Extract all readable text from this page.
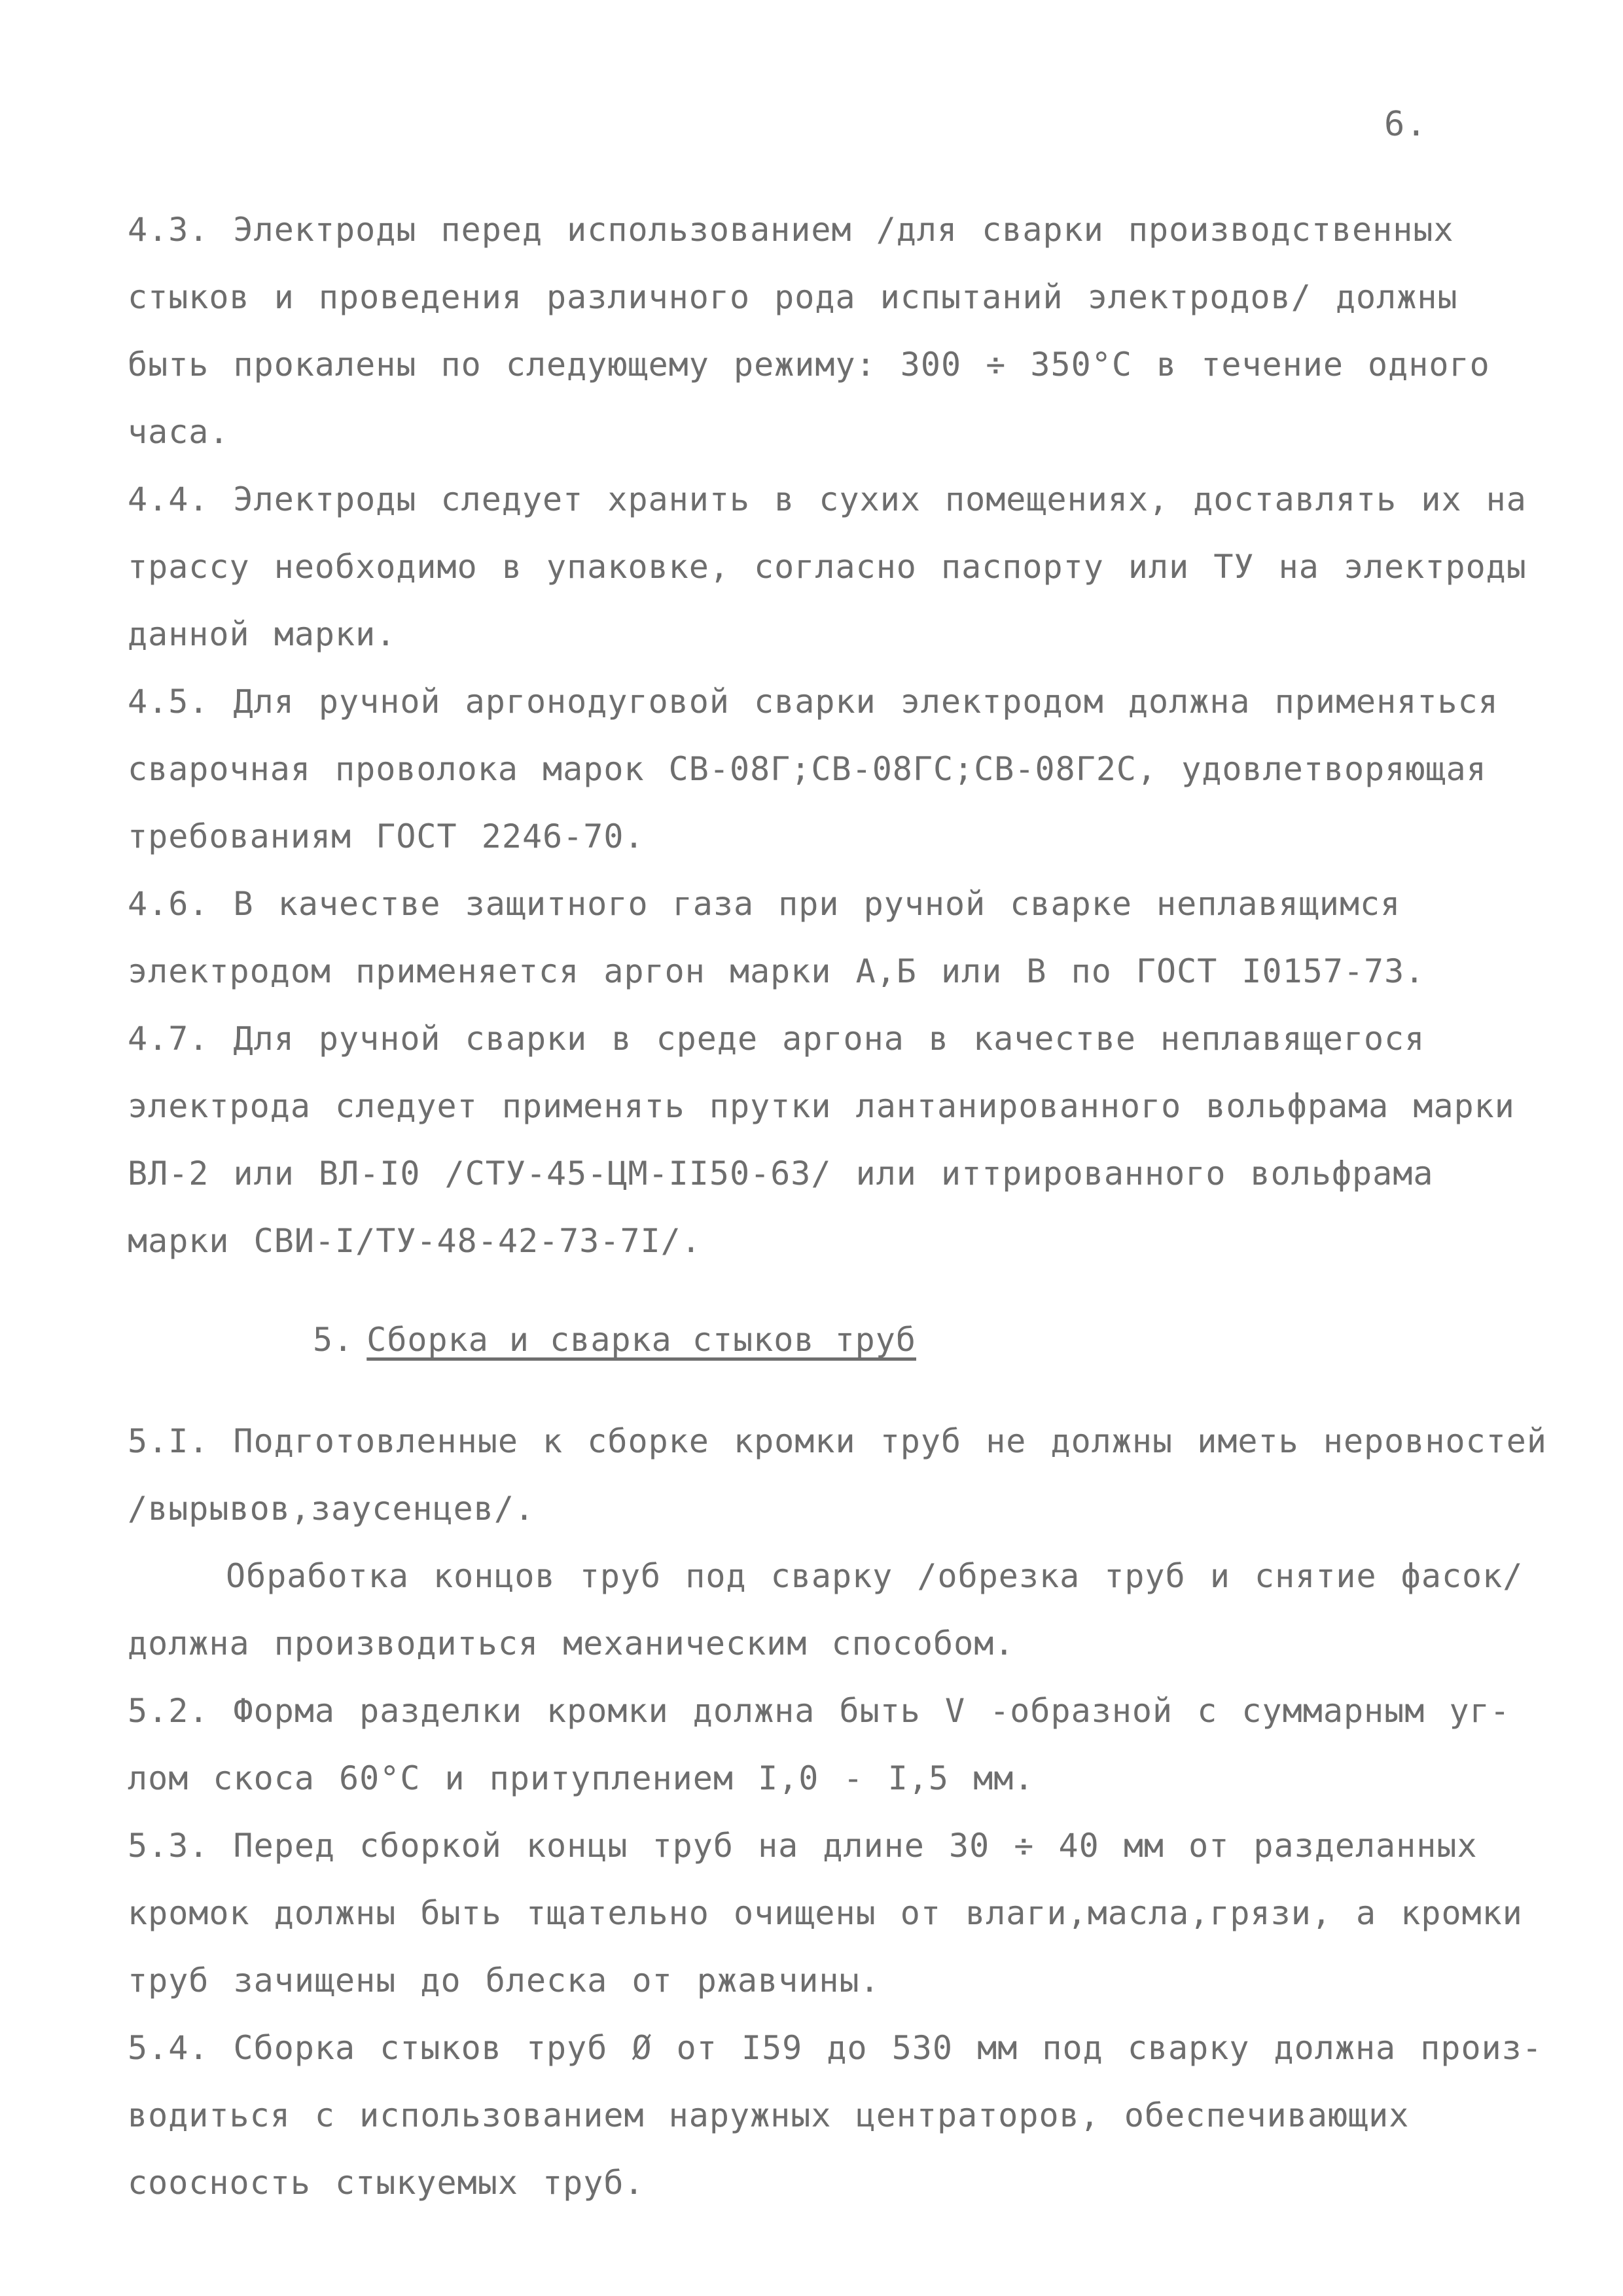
6.

4.3. Электроды перед использованием /для сварки производственных
стыков и проведения различного рода испытаний электродов/ должны
быть прокалены по следующему режиму: 300 ÷ 350°С в течение одного
часа.

4.4. Электроды следует хранить в сухих помещениях, доставлять их на
трассу необходимо в упаковке, согласно паспорту или ТУ на электроды
данной марки.

4.5. Для ручной аргонодуговой сварки электродом должна применяться
сварочная проволока марок СВ-08Г;СВ-08ГС;СВ-08Г2С, удовлетворяющая
требованиям ГОСТ 2246-70.

4.6. В качестве защитного газа при ручной сварке неплавящимся
электродом применяется аргон марки А,Б или В по ГОСТ I0157-73.

4.7. Для ручной сварки в среде аргона в качестве неплавящегося
электрода следует применять прутки лантанированного вольфрама марки
ВЛ-2 или ВЛ-I0 /СТУ-45-ЦМ-II50-63/ или иттрированного вольфрама
марки СВИ-I/ТУ-48-42-73-7I/.

5. Сборка и сварка стыков труб

5.I. Подготовленные к сборке кромки труб не должны иметь неровностей
/вырывов,заусенцев/.

Обработка концов труб под сварку /обрезка труб и снятие фасок/
должна производиться механическим способом.

5.2. Форма разделки кромки должна быть V -образной с суммарным уг-
лом скоса 60°С и притуплением I,0 - I,5 мм.

5.3. Перед сборкой концы труб на длине 30 ÷ 40 мм от разделанных
кромок должны быть тщательно очищены от влаги,масла,грязи, а кромки
труб зачищены до блеска от ржавчины.

5.4. Сборка стыков труб Ø от I59 до 530 мм под сварку должна произ-
водиться с использованием наружных центраторов, обеспечивающих
соосность стыкуемых труб.
